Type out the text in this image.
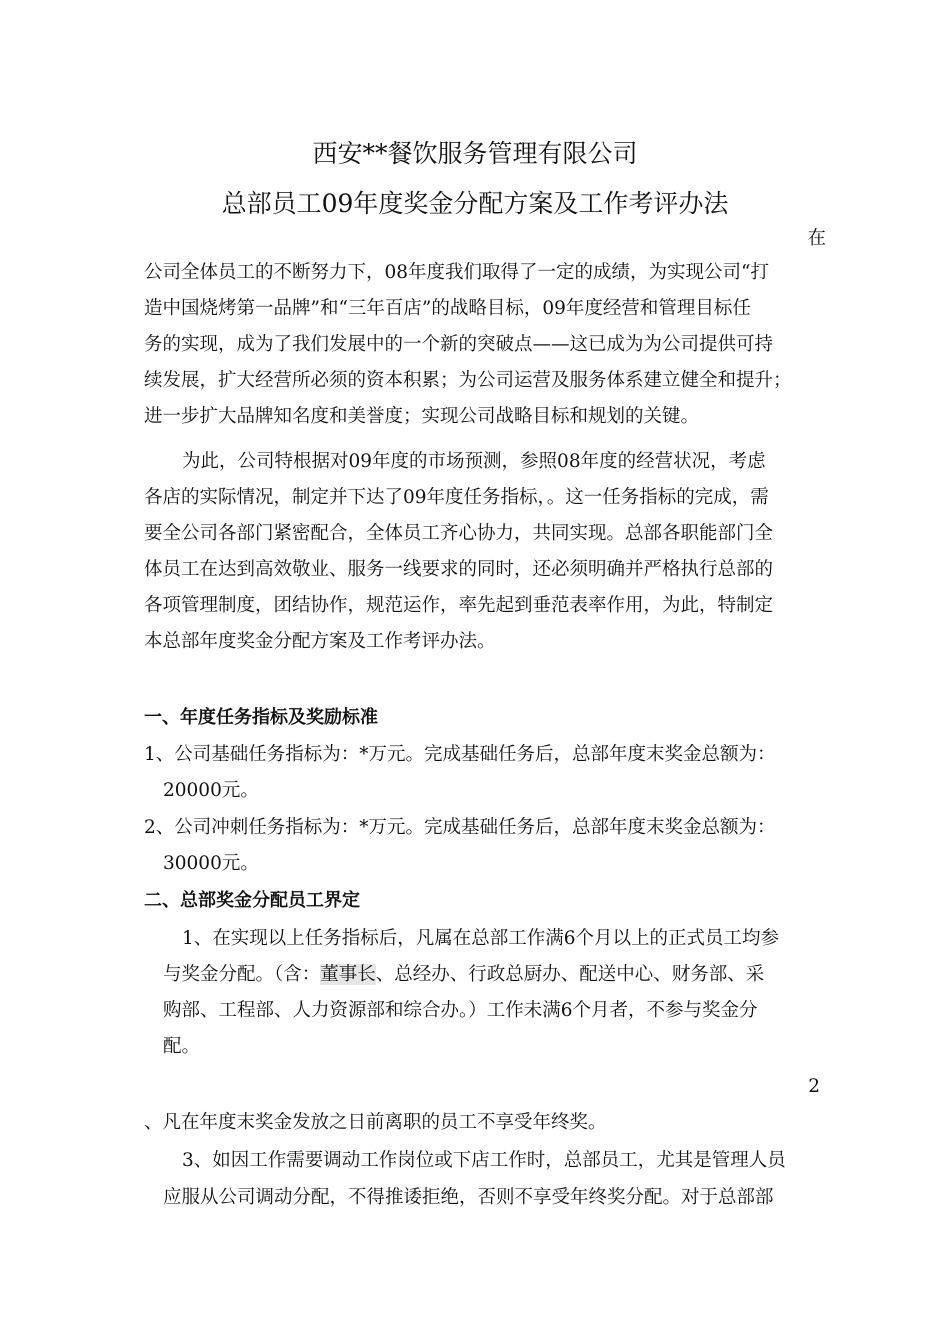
西安**餐饮服务管理有限公司
总部员工09年度奖金分配方案及工作考评办法
在
公司全体员工的不断努力下，08年度我们取得了一定的成绩，为实现公司“打
造中国烧烤第一品牌”和“三年百店”的战略目标，09年度经营和管理目标任
务的实现，成为了我们发展中的一个新的突破点——这已成为为公司提供可持
续发展，扩大经营所必须的资本积累；为公司运营及服务体系建立健全和提升；
进一步扩大品牌知名度和美誉度；实现公司战略目标和规划的关键。
为此，公司特根据对09年度的市场预测，参照08年度的经营状况，考虑
各店的实际情况，制定并下达了09年度任务指标，。这一任务指标的完成，需
要全公司各部门紧密配合，全体员工齐心协力，共同实现。总部各职能部门全
体员工在达到高效敬业、服务一线要求的同时，还必须明确并严格执行总部的
各项管理制度，团结协作，规范运作，率先起到垂范表率作用，为此，特制定
本总部年度奖金分配方案及工作考评办法。
一、年度任务指标及奖励标准
1、公司基础任务指标为：*万元。完成基础任务后，总部年度末奖金总额为：
20000元。
2、公司冲刺任务指标为：*万元。完成基础任务后，总部年度末奖金总额为：
30000元。
二、总部奖金分配员工界定
1、在实现以上任务指标后，凡属在总部工作满6个月以上的正式员工均参
与奖金分配。（含：董事长、总经办、行政总厨办、配送中心、财务部、采
购部、工程部、人力资源部和综合办。）工作未满6个月者，不参与奖金分
配。
2
、凡在年度末奖金发放之日前离职的员工不享受年终奖。
3、如因工作需要调动工作岗位或下店工作时，总部员工，尤其是管理人员
应服从公司调动分配，不得推诿拒绝，否则不享受年终奖分配。对于总部部
